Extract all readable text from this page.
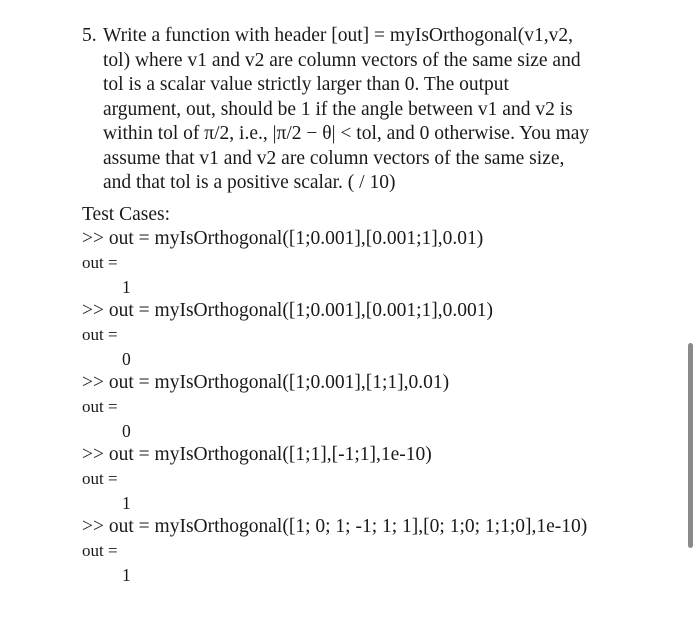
5. Write a function with header [out] = myIsOrthogonal(v1,v2,
tol) where v1 and v2 are column vectors of the same size and
tol is a scalar value strictly larger than 0. The output
argument, out, should be 1 if the angle between v1 and v2 is
within tol of π/2, i.e., |π/2 − θ| < tol, and 0 otherwise. You may
assume that v1 and v2 are column vectors of the same size,
and that tol is a positive scalar. ( / 10)
Test Cases:
>> out = myIsOrthogonal([1;0.001],[0.001;1],0.01)
out =
1
>> out = myIsOrthogonal([1;0.001],[0.001;1],0.001)
out =
0
>> out = myIsOrthogonal([1;0.001],[1;1],0.01)
out =
0
>> out = myIsOrthogonal([1;1],[-1;1],1e-10)
out =
1
>> out = myIsOrthogonal([1; 0; 1; -1; 1; 1],[0; 1;0; 1;1;0],1e-10)
out =
1
